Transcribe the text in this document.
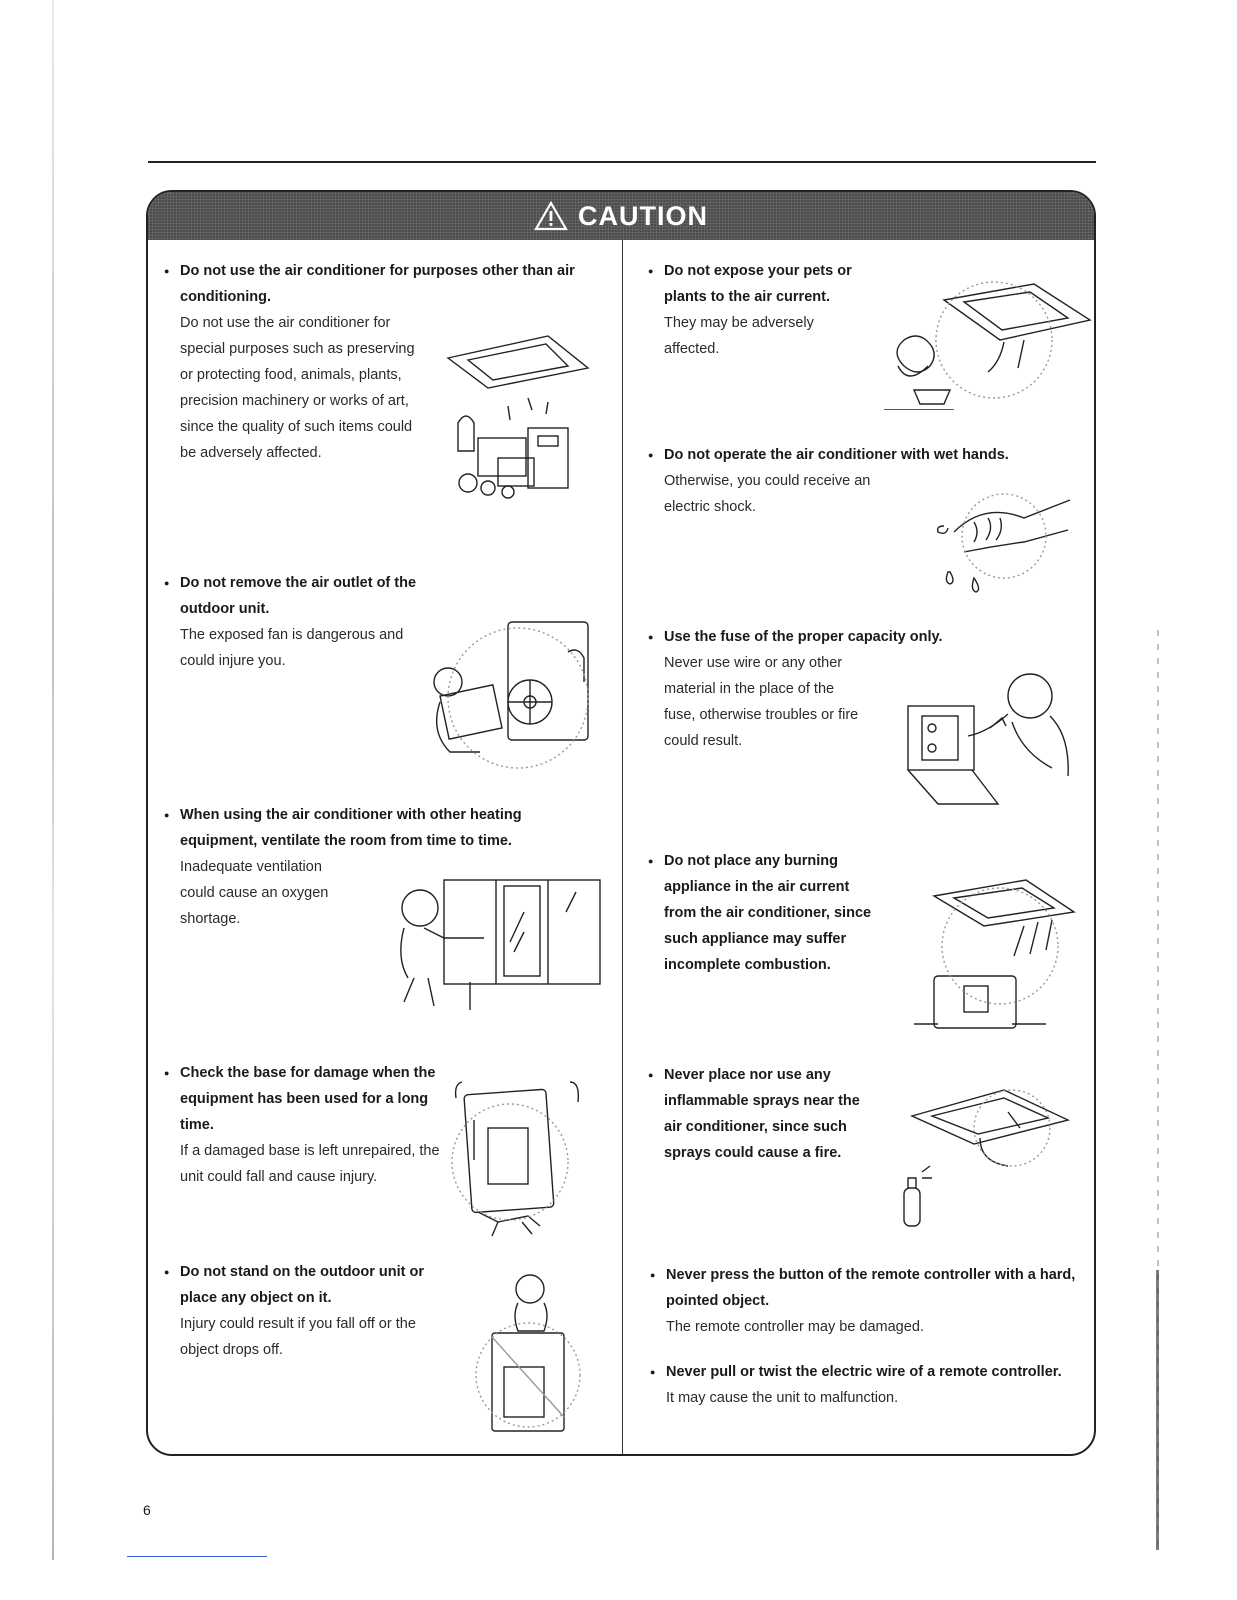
CAUTION
● Do not use the air conditioner for purposes other than air conditioning.
Do not use the air conditioner for special purposes such as preserving or protecting food, animals, plants, precision machinery or works of art, since the quality of such items could be adversely affected.
● Do not remove the air outlet of the outdoor unit.
The exposed fan is dangerous and could injure you.
● When using the air conditioner with other heating equipment, ventilate the room from time to time.
Inadequate ventilation could cause an oxygen shortage.
● Check the base for damage when the equipment has been used for a long time.
If a damaged base is left unrepaired, the unit could fall and cause injury.
● Do not stand on the outdoor unit or place any object on it.
Injury could result if you fall off or the object drops off.
● Do not expose your pets or plants to the air current.
They may be adversely affected.
● Do not operate the air conditioner with wet hands.
Otherwise, you could receive an electric shock.
● Use the fuse of the proper capacity only.
Never use wire or any other material in the place of the fuse, otherwise troubles or fire could result.
● Do not place any burning appliance in the air current from the air conditioner, since such appliance may suffer incomplete combustion.
● Never place nor use any inflammable sprays near the air conditioner, since such sprays could cause a fire.
● Never press the button of the remote controller with a hard, pointed object.
The remote controller may be damaged.
● Never pull or twist the electric wire of a remote controller.
It may cause the unit to malfunction.
6
